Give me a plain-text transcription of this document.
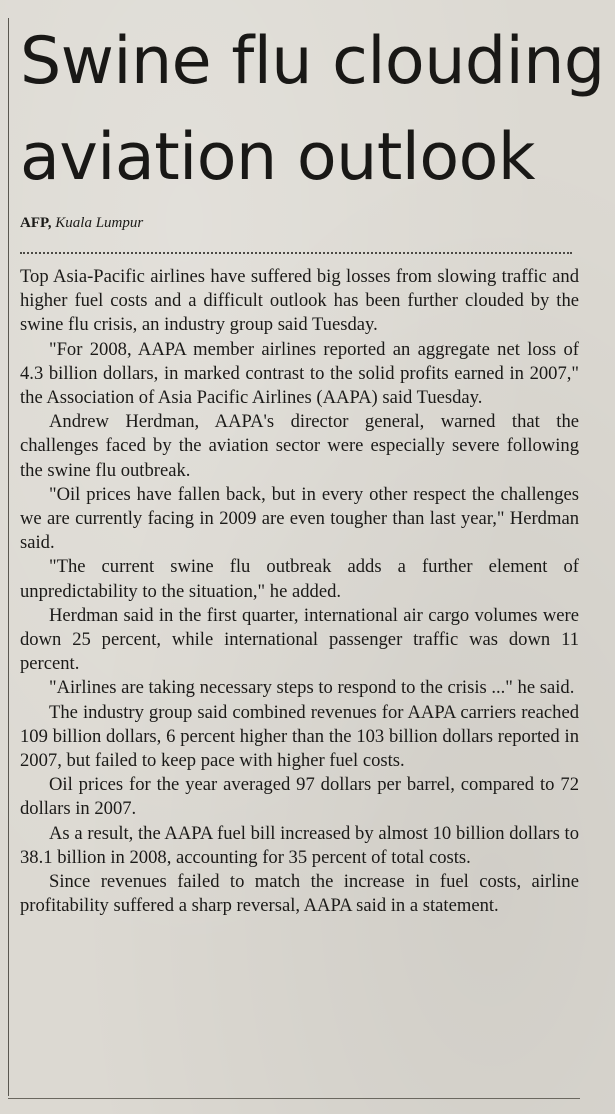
Swine flu clouding
aviation outlook
AFP, Kuala Lumpur

Top Asia-Pacific airlines have suffered big losses from slowing traffic and higher fuel costs and a difficult outlook has been further clouded by the swine flu crisis, an industry group said Tuesday.

"For 2008, AAPA member airlines reported an aggregate net loss of 4.3 billion dollars, in marked contrast to the solid profits earned in 2007," the Association of Asia Pacific Airlines (AAPA) said Tuesday.

Andrew Herdman, AAPA's director general, warned that the challenges faced by the aviation sector were especially severe following the swine flu outbreak.

"Oil prices have fallen back, but in every other respect the challenges we are currently facing in 2009 are even tougher than last year," Herdman said.

"The current swine flu outbreak adds a further element of unpredictability to the situation," he added.

Herdman said in the first quarter, international air cargo volumes were down 25 percent, while international passenger traffic was down 11 percent.

"Airlines are taking necessary steps to respond to the crisis ..." he said.

The industry group said combined revenues for AAPA carriers reached 109 billion dollars, 6 percent higher than the 103 billion dollars reported in 2007, but failed to keep pace with higher fuel costs.

Oil prices for the year averaged 97 dollars per barrel, compared to 72 dollars in 2007.

As a result, the AAPA fuel bill increased by almost 10 billion dollars to 38.1 billion in 2008, accounting for 35 percent of total costs.

Since revenues failed to match the increase in fuel costs, airline profitability suffered a sharp reversal, AAPA said in a statement.
